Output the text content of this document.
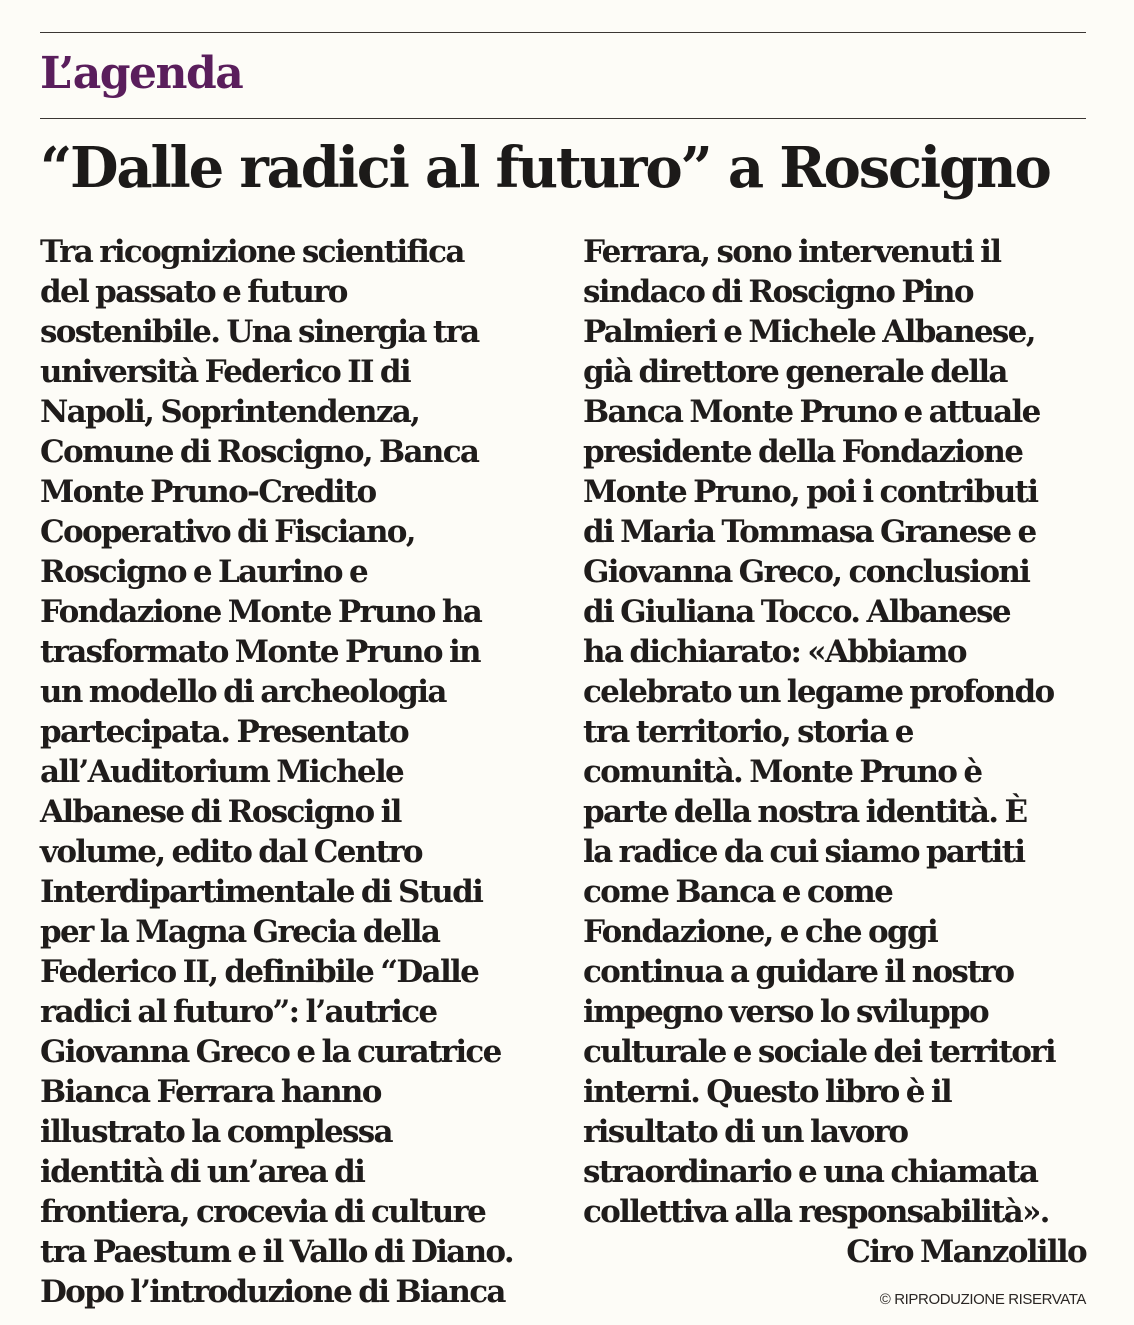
L’agenda
“Dalle radici al futuro” a Roscigno
Tra ricognizione scientifica
del passato e futuro
sostenibile. Una sinergia tra
università Federico II di
Napoli, Soprintendenza,
Comune di Roscigno, Banca
Monte Pruno-Credito
Cooperativo di Fisciano,
Roscigno e Laurino e
Fondazione Monte Pruno ha
trasformato Monte Pruno in
un modello di archeologia
partecipata. Presentato
all’Auditorium Michele
Albanese di Roscigno il
volume, edito dal Centro
Interdipartimentale di Studi
per la Magna Grecia della
Federico II, definibile “Dalle
radici al futuro”: l’autrice
Giovanna Greco e la curatrice
Bianca Ferrara hanno
illustrato la complessa
identità di un’area di
frontiera, crocevia di culture
tra Paestum e il Vallo di Diano.
Dopo l’introduzione di Bianca
Ferrara, sono intervenuti il
sindaco di Roscigno Pino
Palmieri e Michele Albanese,
già direttore generale della
Banca Monte Pruno e attuale
presidente della Fondazione
Monte Pruno, poi i contributi
di Maria Tommasa Granese e
Giovanna Greco, conclusioni
di Giuliana Tocco. Albanese
ha dichiarato: «Abbiamo
celebrato un legame profondo
tra territorio, storia e
comunità. Monte Pruno è
parte della nostra identità. È
la radice da cui siamo partiti
come Banca e come
Fondazione, e che oggi
continua a guidare il nostro
impegno verso lo sviluppo
culturale e sociale dei territori
interni. Questo libro è il
risultato di un lavoro
straordinario e una chiamata
collettiva alla responsabilità».
Ciro Manzolillo
© RIPRODUZIONE RISERVATA
